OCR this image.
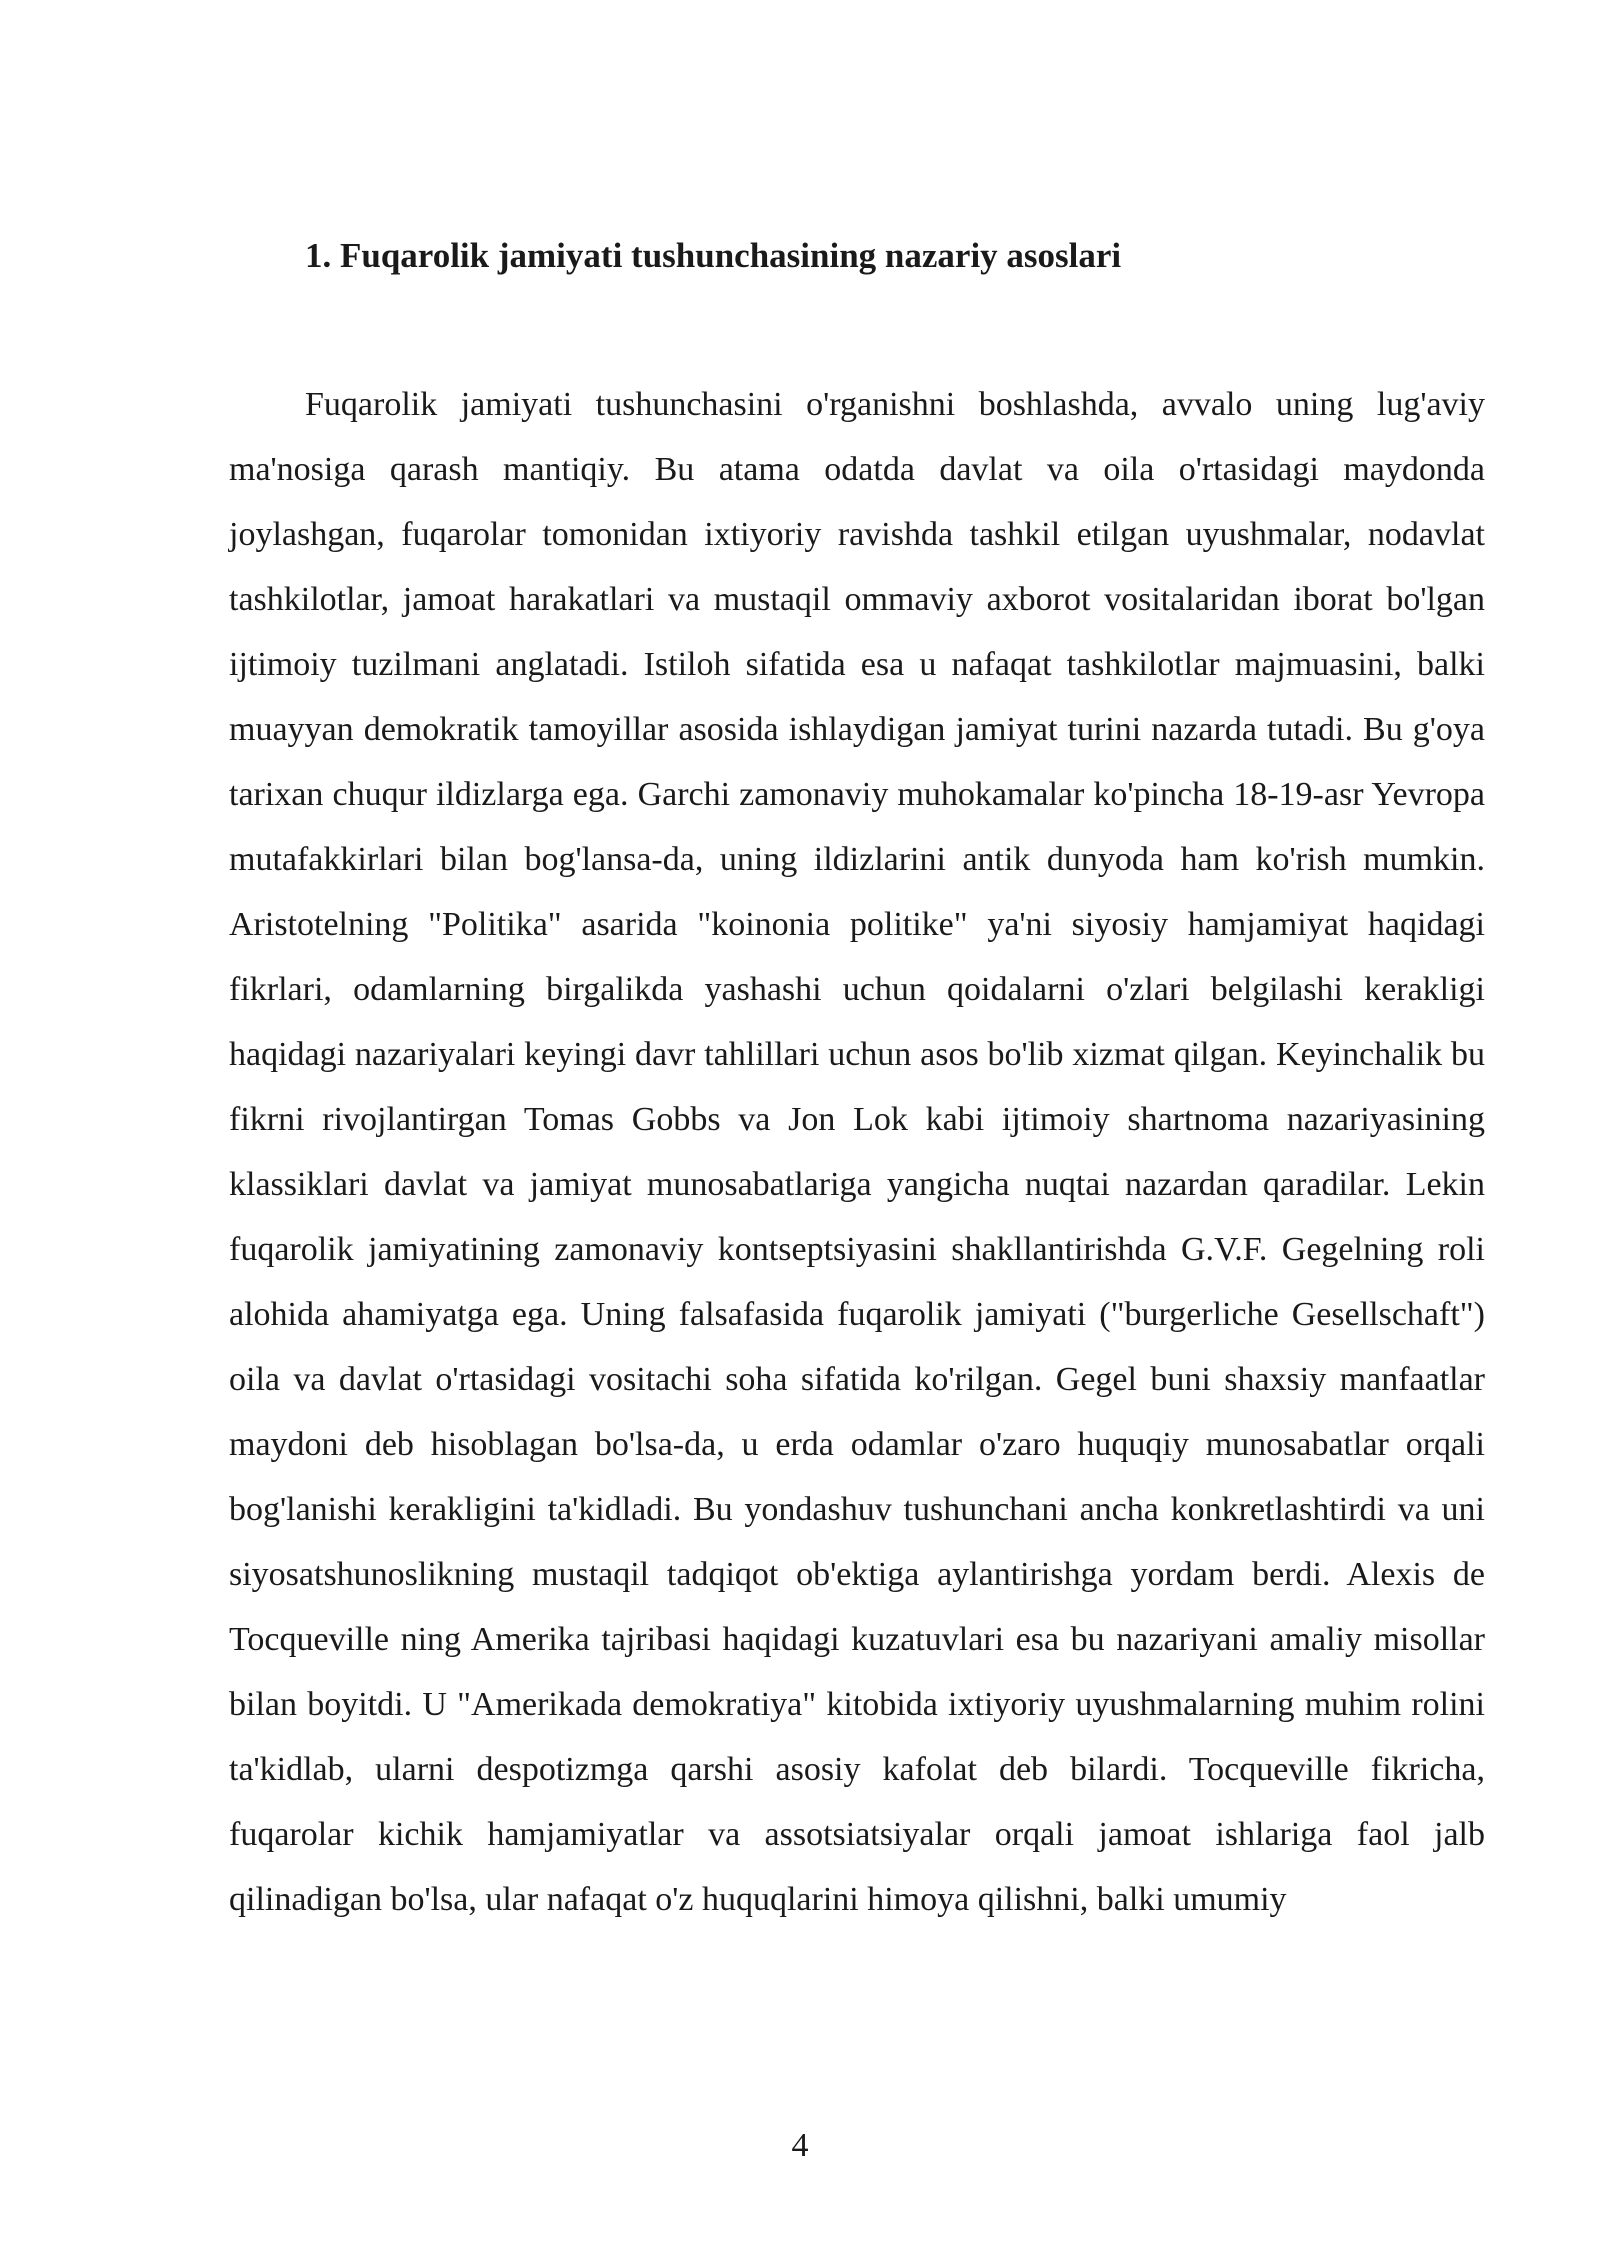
1. Fuqarolik jamiyati tushunchasining nazariy asoslari

Fuqarolik jamiyati tushunchasini o'rganishni boshlashda, avvalo uning lug'aviy ma'nosiga qarash mantiqiy. Bu atama odatda davlat va oila o'rtasidagi maydonda joylashgan, fuqarolar tomonidan ixtiyoriy ravishda tashkil etilgan uyushmalar, nodavlat tashkilotlar, jamoat harakatlari va mustaqil ommaviy axborot vositalaridan iborat bo'lgan ijtimoiy tuzilmani anglatadi. Istiloh sifatida esa u nafaqat tashkilotlar majmuasini, balki muayyan demokratik tamoyillar asosida ishlaydigan jamiyat turini nazarda tutadi. Bu g'oya tarixan chuqur ildizlarga ega. Garchi zamonaviy muhokamalar ko'pincha 18-19-asr Yevropa mutafakkirlari bilan bog'lansa-da, uning ildizlarini antik dunyoda ham ko'rish mumkin. Aristotelning "Politika" asarida "koinonia politike" ya'ni siyosiy hamjamiyat haqidagi fikrlari, odamlarning birgalikda yashashi uchun qoidalarni o'zlari belgilashi kerakligi haqidagi nazariyalari keyingi davr tahlillari uchun asos bo'lib xizmat qilgan. Keyinchalik bu fikrni rivojlantirgan Tomas Gobbs va Jon Lok kabi ijtimoiy shartnoma nazariyasining klassiklari davlat va jamiyat munosabatlariga yangicha nuqtai nazardan qaradilar. Lekin fuqarolik jamiyatining zamonaviy kontseptsiyasini shakllantirishda G.V.F. Gegelning roli alohida ahamiyatga ega. Uning falsafasida fuqarolik jamiyati ("burgerliche Gesellschaft") oila va davlat o'rtasidagi vositachi soha sifatida ko'rilgan. Gegel buni shaxsiy manfaatlar maydoni deb hisoblagan bo'lsa-da, u erda odamlar o'zaro huquqiy munosabatlar orqali bog'lanishi kerakligini ta'kidladi. Bu yondashuv tushunchani ancha konkretlashtirdi va uni siyosatshunoslikning mustaqil tadqiqot ob'ektiga aylantirishga yordam berdi. Alexis de Tocqueville ning Amerika tajribasi haqidagi kuzatuvlari esa bu nazariyani amaliy misollar bilan boyitdi. U "Amerikada demokratiya" kitobida ixtiyoriy uyushmalarning muhim rolini ta'kidlab, ularni despotizmga qarshi asosiy kafolat deb bilardi. Tocqueville fikricha, fuqarolar kichik hamjamiyatlar va assotsiatsiyalar orqali jamoat ishlariga faol jalb qilinadigan bo'lsa, ular nafaqat o'z huquqlarini himoya qilishni, balki umumiy

4
